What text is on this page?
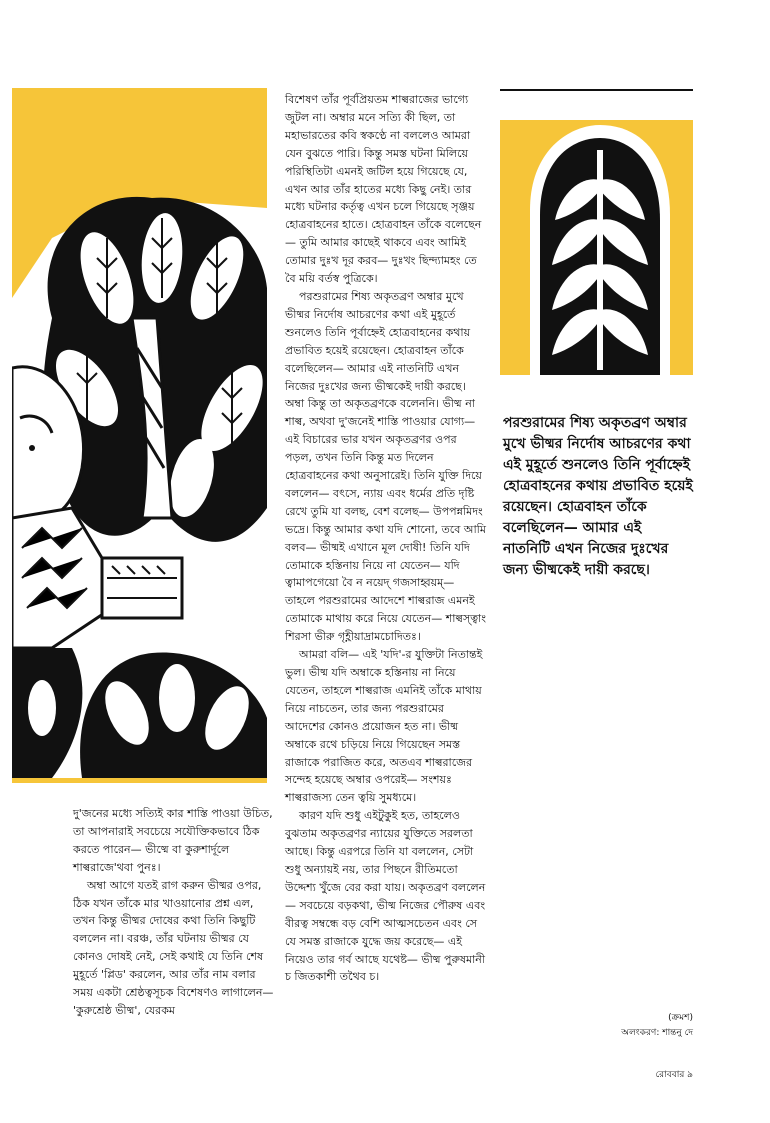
বিশেষণ তাঁর পূর্বপ্রিয়তম শাল্বরাজের ভাগ্যে জুটল না। অম্বার মনে সত্যি কী ছিল, তা মহাভারতের কবি স্বকণ্ঠে না বললেও আমরা যেন বুঝতে পারি। কিন্তু সমস্ত ঘটনা মিলিয়ে পরিস্থিতিটা এমনই জটিল হয়ে গিয়েছে যে, এখন আর তাঁর হাতের মধ্যে কিছু নেই। তার মধ্যে ঘটনার কর্তৃত্ব এখন চলে গিয়েছে সৃঞ্জয় হোত্রবাহনের হাতে। হোত্রবাহন তাঁকে বলেছেন— তুমি আমার কাছেই থাকবে এবং আমিই তোমার দুঃখ দূর করব— দুঃখং ছিন্দ্যামহং তে বৈ ময়ি বর্তস্ব পুত্রিকে।

পরশুরামের শিষ্য অকৃতব্রণ অম্বার মুখে ভীষ্মর নির্দোষ আচরণের কথা এই মুহূর্তে শুনলেও তিনি পূর্বাহ্নেই হোত্রবাহনের কথায় প্রভাবিত হয়েই রয়েছেন। হোত্রবাহন তাঁকে বলেছিলেন— আমার এই নাতনিটি এখন নিজের দুঃখের জন্য ভীষ্মকেই দায়ী করছে। অম্বা কিন্তু তা অকৃতব্রণকে বলেননি। ভীষ্ম না শাল্ব, অথবা দু'জনেই শাস্তি পাওয়ার যোগ্য— এই বিচারের ভার যখন অকৃতব্রণর ওপর পড়ল, তখন তিনি কিন্তু মত দিলেন হোত্রবাহনের কথা অনুসারেই। তিনি যুক্তি দিয়ে বললেন— বৎসে, ন্যায় এবং ধর্মের প্রতি দৃষ্টি রেখে তুমি যা বলছ, বেশ বলেছ— উপপন্নমিদং ভদ্রে। কিন্তু আমার কথা যদি শোনো, তবে আমি বলব— ভীষ্মই এখানে মূল দোষী! তিনি যদি তোমাকে হস্তিনায় নিয়ে না যেতেন— যদি ত্বামাপগেয়ো বৈ ন নয়েদ্ গজসাহ্বয়ম্— তাহলে পরশুরামের আদেশে শাল্বরাজ এমনই তোমাকে মাথায় করে নিয়ে যেতেন— শাল্বস্ত্বাং শিরসা ভীরু গৃহ্ণীয়াদ্রামচোদিতঃ।

আমরা বলি— এই 'যদি'-র যুক্তিটা নিতান্তই ভুল। ভীষ্ম যদি অম্বাকে হস্তিনায় না নিয়ে যেতেন, তাহলে শাল্বরাজ এমনিই তাঁকে মাথায় নিয়ে নাচতেন, তার জন্য পরশুরামের আদেশের কোনও প্রয়োজন হত না। ভীষ্ম অম্বাকে রথে চড়িয়ে নিয়ে গিয়েছেন সমস্ত রাজাকে পরাজিত করে, অতএব শাল্বরাজের সন্দেহ হয়েছে অম্বার ওপরেই— সংশয়ঃ শাল্বরাজস্য তেন ত্বয়ি সুমধ্যমে।

কারণ যদি শুধু এইটুকুই হত, তাহলেও বুঝতাম অকৃতব্রণর ন্যায়ের যুক্তিতে সরলতা আছে। কিন্তু এরপরে তিনি যা বললেন, সেটা শুধু অন্যায়ই নয়, তার পিছনে রীতিমতো উদ্দেশ্য খুঁজে বের করা যায়। অকৃতব্রণ বললেন— সবচেয়ে বড়কথা, ভীষ্ম নিজের পৌরুষ এবং বীরত্ব সম্বন্ধে বড় বেশি আত্মসচেতন এবং সে যে সমস্ত রাজাকে যুদ্ধে জয় করেছে— এই নিয়েও তার গর্ব আছে যথেষ্ট— ভীষ্ম পুরুষমানী চ জিতকাশী তথৈব চ।

দু'জনের মধ্যে সত্যিই কার শাস্তি পাওয়া উচিত, তা আপনারাই সবচেয়ে সযৌক্তিকভাবে ঠিক করতে পারেন— ভীষ্মে বা কুরুশার্দূলে শাল্বরাজে'থবা পুনঃ।

অম্বা আগে যতই রাগ করুন ভীষ্মর ওপর, ঠিক যখন তাঁকে মার খাওয়ানোর প্রশ্ন এল, তখন কিন্তু ভীষ্মর দোষের কথা তিনি কিছুটি বললেন না। বরঞ্চ, তাঁর ঘটনায় ভীষ্মর যে কোনও দোষই নেই, সেই কথাই যে তিনি শেষ মুহূর্তে 'প্লিড' করলেন, আর তাঁর নাম বলার সময় একটা শ্রেষ্ঠত্বসূচক বিশেষণও লাগালেন— 'কুরুশ্রেষ্ঠ ভীষ্ম', যেরকম

পরশুরামের শিষ্য অকৃতব্রণ অম্বার মুখে ভীষ্মর নির্দোষ আচরণের কথা এই মুহূর্তে শুনলেও তিনি পূর্বাহ্নেই হোত্রবাহনের কথায় প্রভাবিত হয়েই রয়েছেন। হোত্রবাহন তাঁকে বলেছিলেন— আমার এই নাতনিটি এখন নিজের দুঃখের জন্য ভীষ্মকেই দায়ী করছে।
(ক্রমশ)
অলংকরণ: শান্তনু দে
রোববার ৯
